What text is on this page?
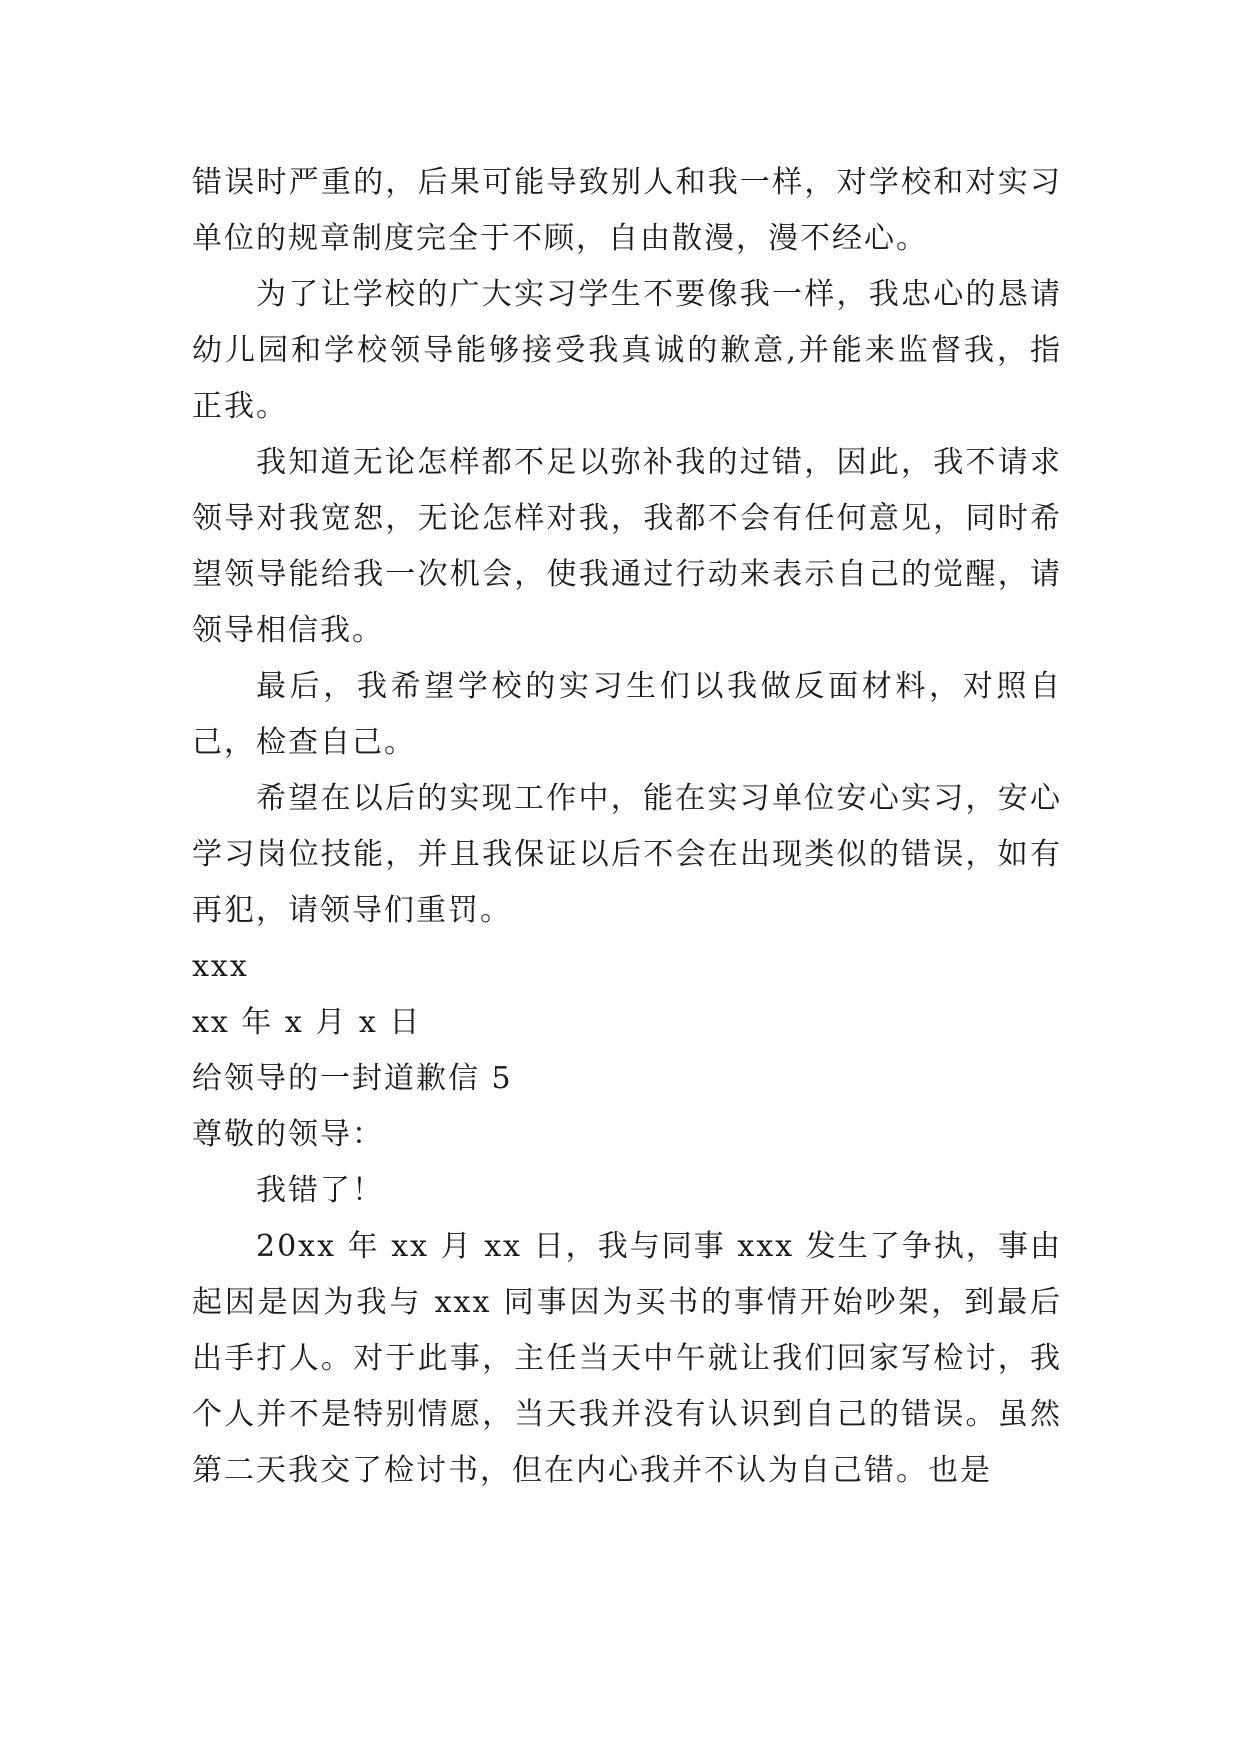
错误时严重的，后果可能导致别人和我一样，对学校和对实习单位的规章制度完全于不顾，自由散漫，漫不经心。

为了让学校的广大实习学生不要像我一样，我忠心的恳请幼儿园和学校领导能够接受我真诚的歉意,并能来监督我，指正我。

我知道无论怎样都不足以弥补我的过错，因此，我不请求领导对我宽恕，无论怎样对我，我都不会有任何意见，同时希望领导能给我一次机会，使我通过行动来表示自己的觉醒，请领导相信我。

最后，我希望学校的实习生们以我做反面材料，对照自己，检查自己。

希望在以后的实现工作中，能在实习单位安心实习，安心学习岗位技能，并且我保证以后不会在出现类似的错误，如有再犯，请领导们重罚。

xxx

xx 年 x 月 x 日

给领导的一封道歉信 5

尊敬的领导：

我错了！

20xx 年 xx 月 xx 日，我与同事 xxx 发生了争执，事由起因是因为我与 xxx 同事因为买书的事情开始吵架，到最后出手打人。对于此事，主任当天中午就让我们回家写检讨，我个人并不是特别情愿，当天我并没有认识到自己的错误。虽然第二天我交了检讨书，但在内心我并不认为自己错。也是
